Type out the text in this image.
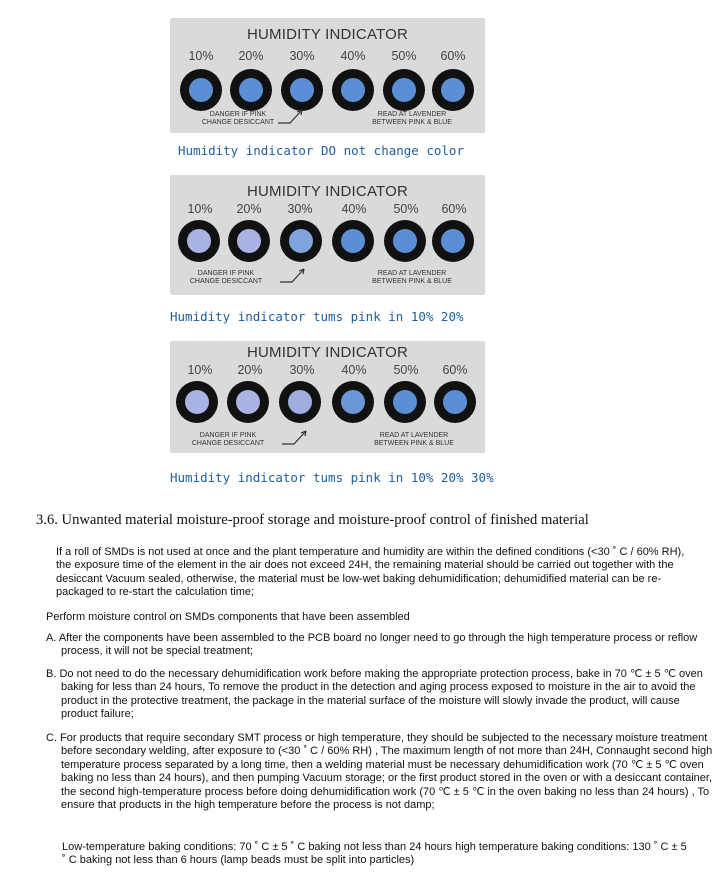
HUMIDITY INDICATOR
10%	20%	30%	40%	50%	60%
DANGER IF PINK
CHANGE DESICCANT
READ AT LAVENDER
BETWEEN PINK & BLUE
Humidity indicator DO not change color
HUMIDITY INDICATOR
10%	20%	30%	40%	50%	60%
DANGER IF PINK
CHANGE DESICCANT
READ AT LAVENDER
BETWEEN PINK & BLUE
Humidity indicator tums pink in 10% 20%
HUMIDITY INDICATOR
10%	20%	30%	40%	50%	60%
DANGER IF PINK
CHANGE DESICCANT
READ AT LAVENDER
BETWEEN PINK & BLUE
Humidity indicator tums pink in 10% 20% 30%
3.6. Unwanted material moisture-proof storage and moisture-proof control of finished material
If a roll of SMDs is not used at once and the plant temperature and humidity are within the defined conditions (<30 ˚ C / 60% RH), the exposure time of the element in the air does not exceed 24H, the remaining material should be carried out together with the desiccant Vacuum sealed, otherwise, the material must be low-wet baking dehumidification; dehumidified material can be re-packaged to re-start the calculation time;
Perform moisture control on SMDs components that have been assembled
A. After the components have been assembled to the PCB board no longer need to go through the high temperature process or reflow process, it will not be special treatment;
B. Do not need to do the necessary dehumidification work before making the appropriate protection process, bake in 70 ℃ ± 5 ℃ oven baking for less than 24 hours, To remove the product in the detection and aging process exposed to moisture in the air to avoid the product in the protective treatment, the package in the material surface of the moisture will slowly invade the product, will cause product failure;
C. For products that require secondary SMT process or high temperature, they should be subjected to the necessary moisture treatment before secondary welding, after exposure to (<30 ˚ C / 60% RH) , The maximum length of not more than 24H, Connaught second high temperature process separated by a long time, then a welding material must be necessary dehumidification work (70 ℃ ± 5 ℃ oven baking no less than 24 hours), and then pumping Vacuum storage; or the first product stored in the oven or with a desiccant container, the second high-temperature process before doing dehumidification work (70 ℃ ± 5 ℃ in the oven baking no less than 24 hours) , To ensure that products in the high temperature before the process is not damp;
Low-temperature baking conditions: 70 ˚ C ± 5 ˚ C baking not less than 24 hours high temperature baking conditions: 130 ˚ C ± 5 ˚ C baking not less than 6 hours (lamp beads must be split into particles)
